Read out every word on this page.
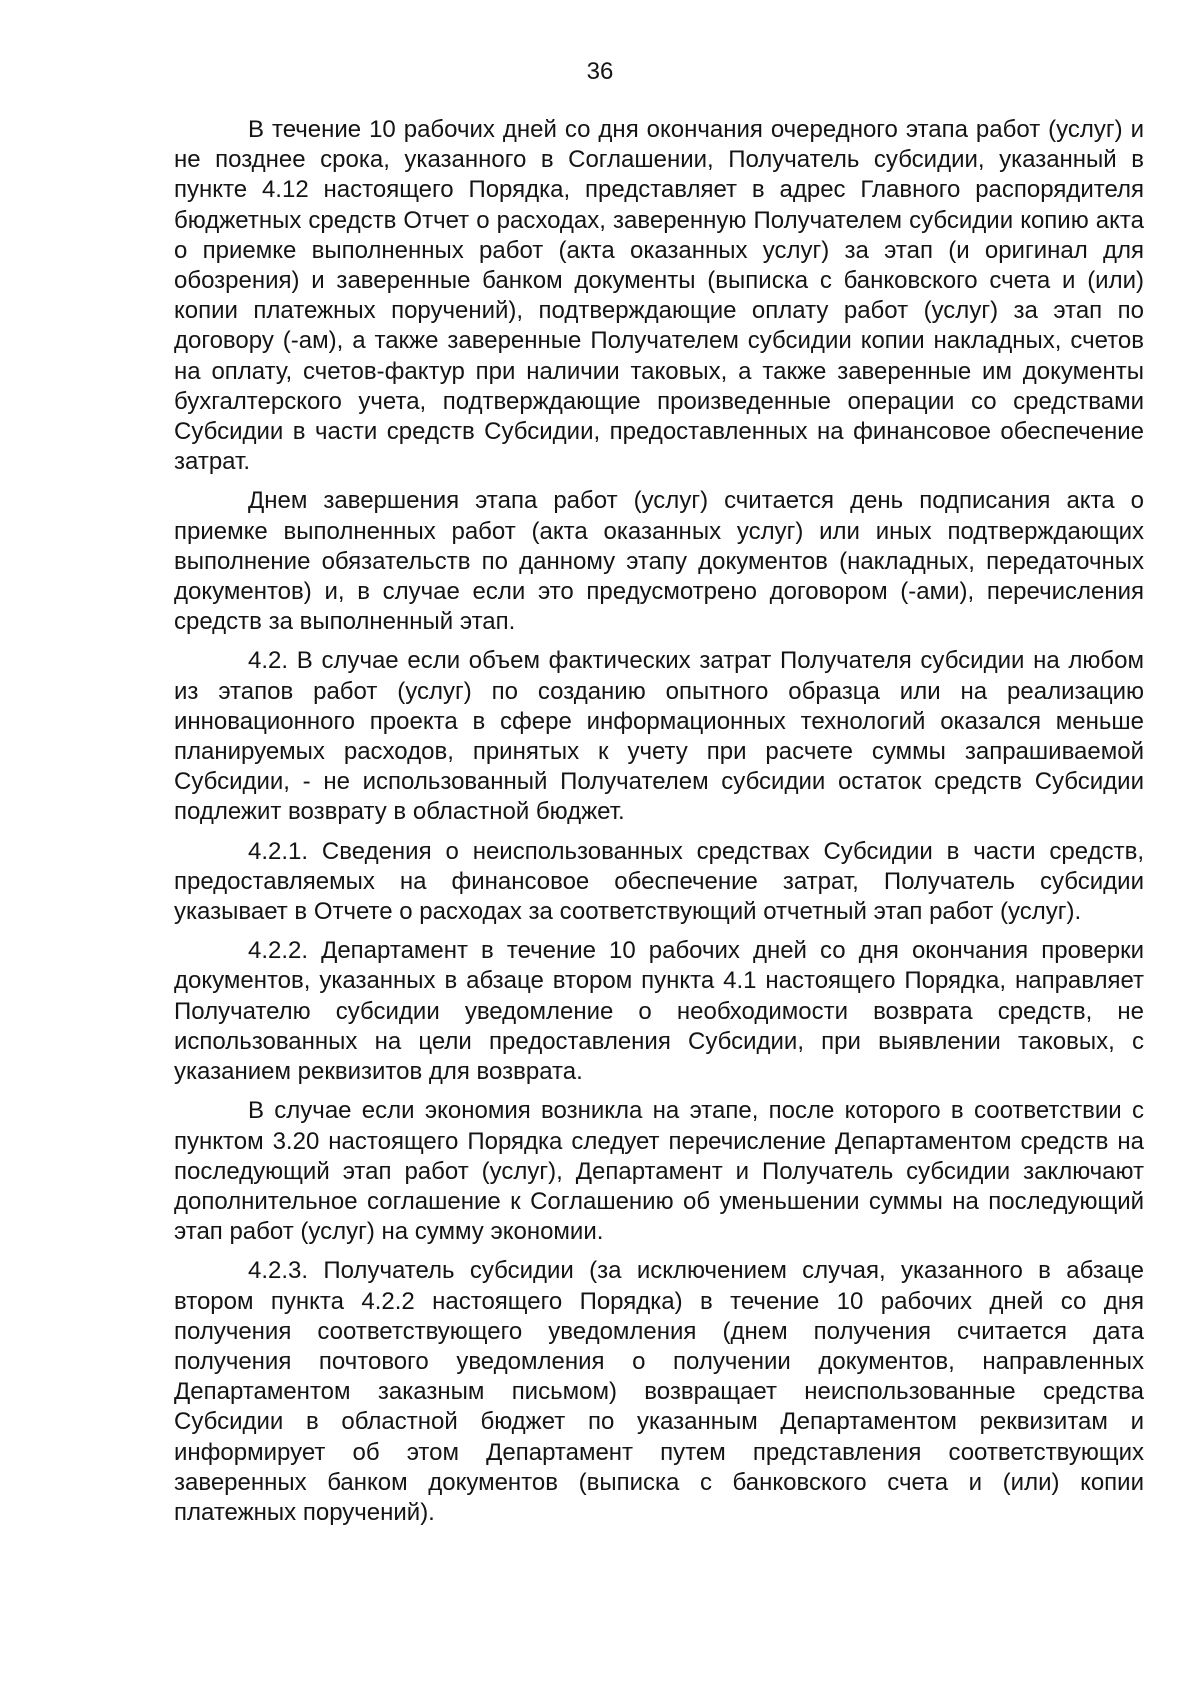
36

В течение 10 рабочих дней со дня окончания очередного этапа работ (услуг) и не позднее срока, указанного в Соглашении, Получатель субсидии, указанный в пункте 4.12 настоящего Порядка, представляет в адрес Главного распорядителя бюджетных средств Отчет о расходах, заверенную Получателем субсидии копию акта о приемке выполненных работ (акта оказанных услуг) за этап (и оригинал для обозрения) и заверенные банком документы (выписка с банковского счета и (или) копии платежных поручений), подтверждающие оплату работ (услуг) за этап по договору (-ам), а также заверенные Получателем субсидии копии накладных, счетов на оплату, счетов-фактур при наличии таковых, а также заверенные им документы бухгалтерского учета, подтверждающие произведенные операции со средствами Субсидии в части средств Субсидии, предоставленных на финансовое обеспечение затрат.

Днем завершения этапа работ (услуг) считается день подписания акта о приемке выполненных работ (акта оказанных услуг) или иных подтверждающих выполнение обязательств по данному этапу документов (накладных, передаточных документов) и, в случае если это предусмотрено договором (-ами), перечисления средств за выполненный этап.

4.2. В случае если объем фактических затрат Получателя субсидии на любом из этапов работ (услуг) по созданию опытного образца или на реализацию инновационного проекта в сфере информационных технологий оказался меньше планируемых расходов, принятых к учету при расчете суммы запрашиваемой Субсидии, - не использованный Получателем субсидии остаток средств Субсидии подлежит возврату в областной бюджет.

4.2.1. Сведения о неиспользованных средствах Субсидии в части средств, предоставляемых на финансовое обеспечение затрат, Получатель субсидии указывает в Отчете о расходах за соответствующий отчетный этап работ (услуг).

4.2.2. Департамент в течение 10 рабочих дней со дня окончания проверки документов, указанных в абзаце втором пункта 4.1 настоящего Порядка, направляет Получателю субсидии уведомление о необходимости возврата средств, не использованных на цели предоставления Субсидии, при выявлении таковых, с указанием реквизитов для возврата.

В случае если экономия возникла на этапе, после которого в соответствии с пунктом 3.20 настоящего Порядка следует перечисление Департаментом средств на последующий этап работ (услуг), Департамент и Получатель субсидии заключают дополнительное соглашение к Соглашению об уменьшении суммы на последующий этап работ (услуг) на сумму экономии.

4.2.3. Получатель субсидии (за исключением случая, указанного в абзаце втором пункта 4.2.2 настоящего Порядка) в течение 10 рабочих дней со дня получения соответствующего уведомления (днем получения считается дата получения почтового уведомления о получении документов, направленных Департаментом заказным письмом) возвращает неиспользованные средства Субсидии в областной бюджет по указанным Департаментом реквизитам и информирует об этом Департамент путем представления соответствующих заверенных банком документов (выписка с банковского счета и (или) копии платежных поручений).
